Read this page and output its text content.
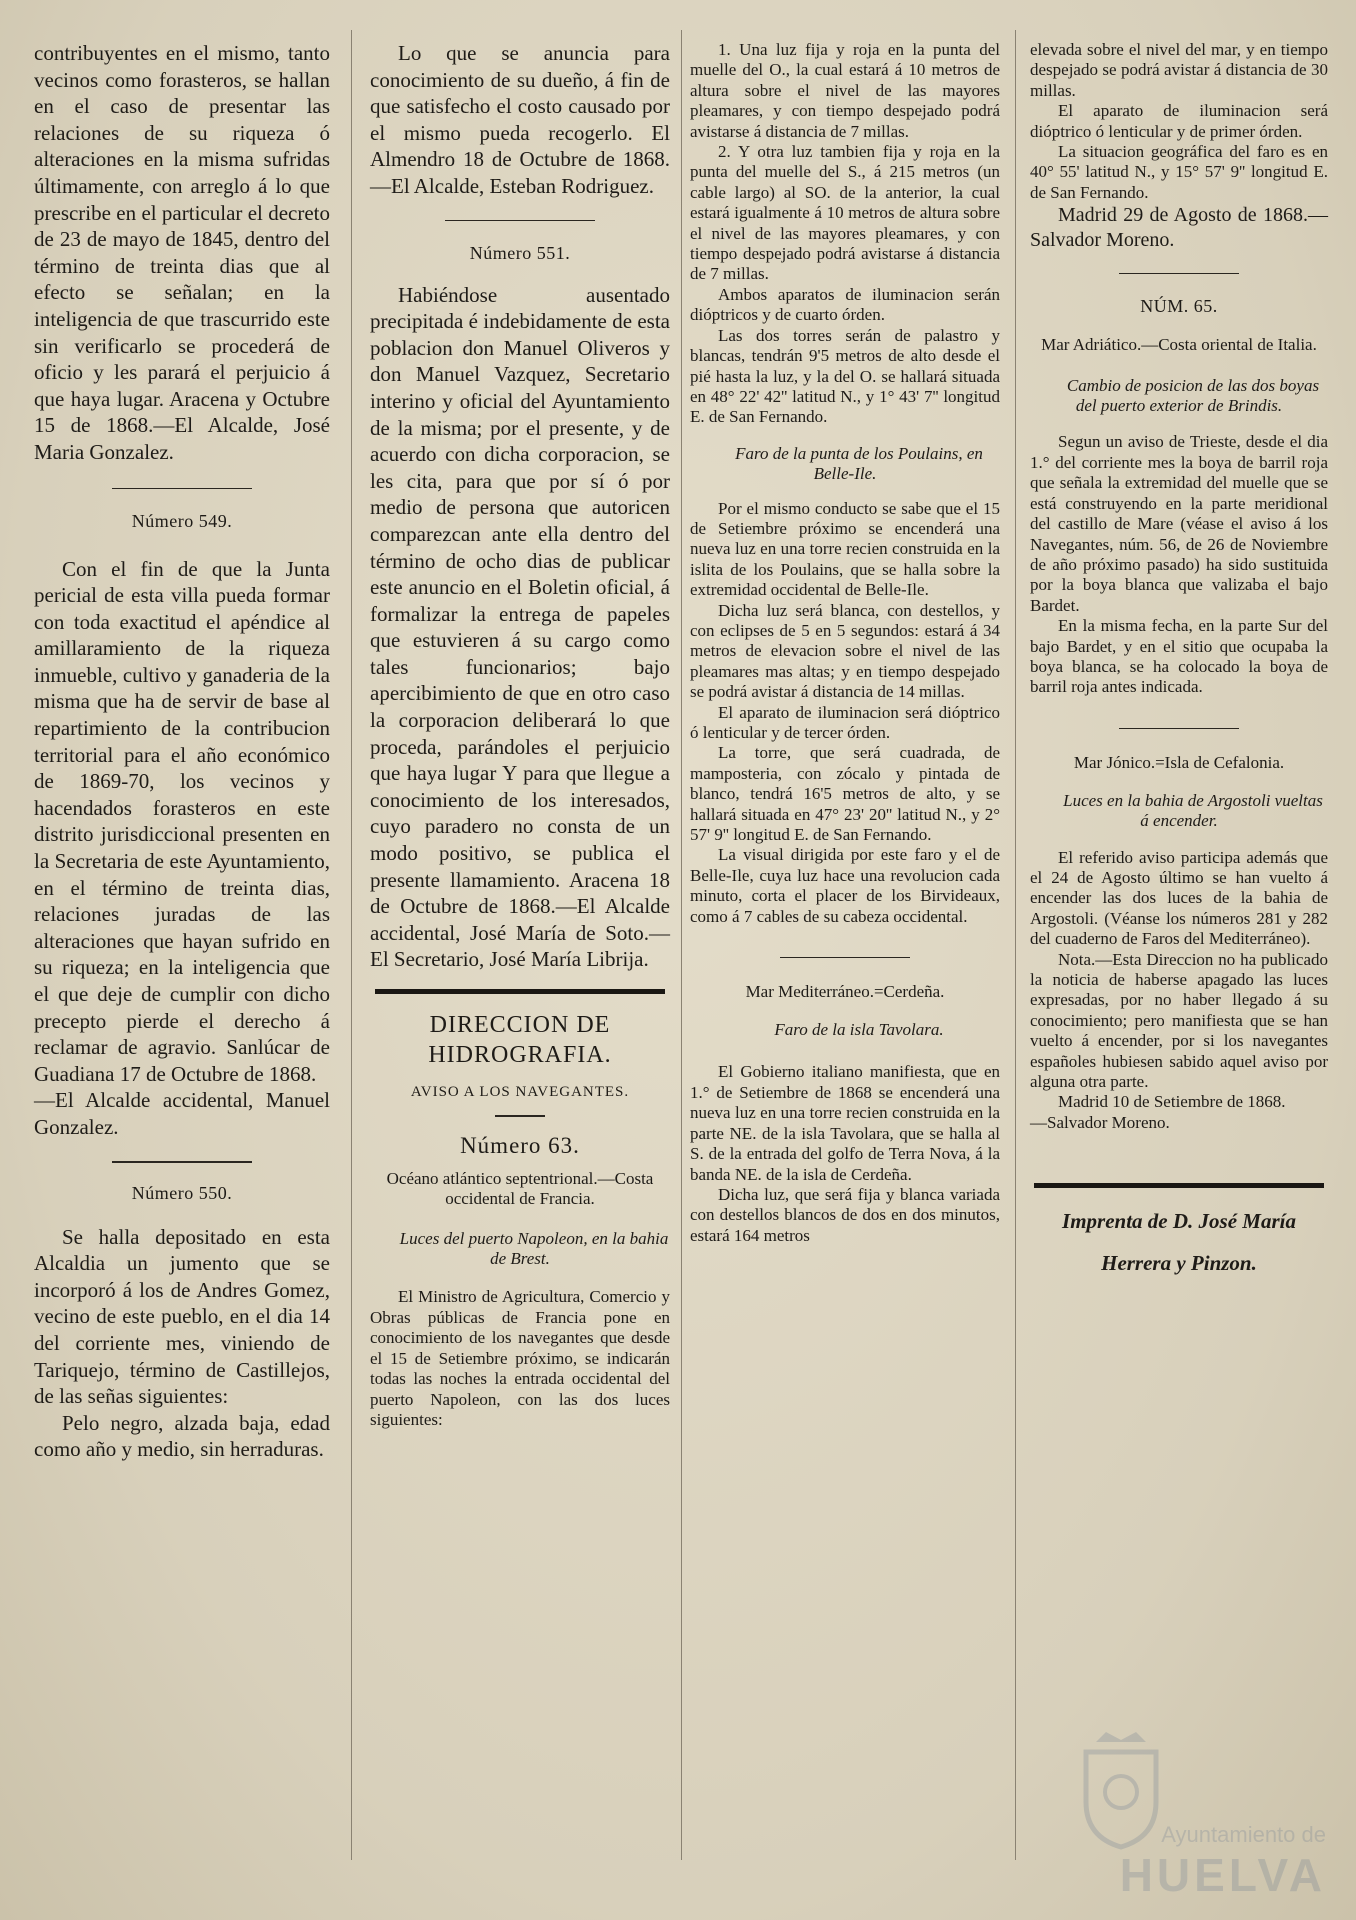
contribuyentes en el mismo, tanto vecinos como forasteros, se hallan en el caso de presentar las relaciones de su riqueza ó alteraciones en la misma sufridas últimamente, con arreglo á lo que prescribe en el particular el decreto de 23 de mayo de 1845, dentro del término de treinta dias que al efecto se señalan; en la inteligencia de que trascurrido este sin verificarlo se procederá de oficio y les parará el perjuicio á que haya lugar. Aracena y Octubre 15 de 1868.—El Alcalde, José Maria Gonzalez.

Número 549.

Con el fin de que la Junta pericial de esta villa pueda formar con toda exactitud el apéndice al amillaramiento de la riqueza inmueble, cultivo y ganaderia de la misma que ha de servir de base al repartimiento de la contribucion territorial para el año económico de 1869-70, los vecinos y hacendados forasteros en este distrito jurisdiccional presenten en la Secretaria de este Ayuntamiento, en el término de treinta dias, relaciones juradas de las alteraciones que hayan sufrido en su riqueza; en la inteligencia que el que deje de cumplir con dicho precepto pierde el derecho á reclamar de agravio. Sanlúcar de Guadiana 17 de Octubre de 1868.

—El Alcalde accidental, Manuel Gonzalez.

Número 550.

Se halla depositado en esta Alcaldia un jumento que se incorporó á los de Andres Gomez, vecino de este pueblo, en el dia 14 del corriente mes, viniendo de Tariquejo, término de Castillejos, de las señas siguientes:

Pelo negro, alzada baja, edad como año y medio, sin herraduras.

Lo que se anuncia para conocimiento de su dueño, á fin de que satisfecho el costo causado por el mismo pueda recogerlo. El Almendro 18 de Octubre de 1868.—El Alcalde, Esteban Rodriguez.

Número 551.

Habiéndose ausentado precipitada é indebidamente de esta poblacion don Manuel Oliveros y don Manuel Vazquez, Secretario interino y oficial del Ayuntamiento de la misma; por el presente, y de acuerdo con dicha corporacion, se les cita, para que por sí ó por medio de persona que autoricen comparezcan ante ella dentro del término de ocho dias de publicar este anuncio en el Boletin oficial, á formalizar la entrega de papeles que estuvieren á su cargo como tales funcionarios; bajo apercibimiento de que en otro caso la corporacion deliberará lo que proceda, parándoles el perjuicio que haya lugar Y para que llegue a conocimiento de los interesados, cuyo paradero no consta de un modo positivo, se publica el presente llamamiento. Aracena 18 de Octubre de 1868.—El Alcalde accidental, José María de Soto.—El Secretario, José María Librija.

DIRECCION DE HIDROGRAFIA.
AVISO A LOS NAVEGANTES.
Número 63.

Océano atlántico septentrional.—Costa occidental de Francia.

Luces del puerto Napoleon, en la bahia de Brest.

El Ministro de Agricultura, Comercio y Obras públicas de Francia pone en conocimiento de los navegantes que desde el 15 de Setiembre próximo, se indicarán todas las noches la entrada occidental del puerto Napoleon, con las dos luces siguientes:

1. Una luz fija y roja en la punta del muelle del O., la cual estará á 10 metros de altura sobre el nivel de las mayores pleamares, y con tiempo despejado podrá avistarse á distancia de 7 millas.

2. Y otra luz tambien fija y roja en la punta del muelle del S., á 215 metros (un cable largo) al SO. de la anterior, la cual estará igualmente á 10 metros de altura sobre el nivel de las mayores pleamares, y con tiempo despejado podrá avistarse á distancia de 7 millas.

Ambos aparatos de iluminacion serán dióptricos y de cuarto órden.

Las dos torres serán de palastro y blancas, tendrán 9'5 metros de alto desde el pié hasta la luz, y la del O. se hallará situada en 48° 22' 42'' latitud N., y 1° 43' 7'' longitud E. de San Fernando.

Faro de la punta de los Poulains, en Belle-Ile.

Por el mismo conducto se sabe que el 15 de Setiembre próximo se encenderá una nueva luz en una torre recien construida en la islita de los Poulains, que se halla sobre la extremidad occidental de Belle-Ile.

Dicha luz será blanca, con destellos, y con eclipses de 5 en 5 segundos: estará á 34 metros de elevacion sobre el nivel de las pleamares mas altas; y en tiempo despejado se podrá avistar á distancia de 14 millas.

El aparato de iluminacion será dióptrico ó lenticular y de tercer órden.

La torre, que será cuadrada, de mamposteria, con zócalo y pintada de blanco, tendrá 16'5 metros de alto, y se hallará situada en 47° 23' 20'' latitud N., y 2° 57' 9'' longitud E. de San Fernando.

La visual dirigida por este faro y el de Belle-Ile, cuya luz hace una revolucion cada minuto, corta el placer de los Birvideaux, como á 7 cables de su cabeza occidental.

Mar Mediterráneo.=Cerdeña.

Faro de la isla Tavolara.

El Gobierno italiano manifiesta, que en 1.° de Setiembre de 1868 se encenderá una nueva luz en una torre recien construida en la parte NE. de la isla Tavolara, que se halla al S. de la entrada del golfo de Terra Nova, á la banda NE. de la isla de Cerdeña.

Dicha luz, que será fija y blanca variada con destellos blancos de dos en dos minutos, estará 164 metros

elevada sobre el nivel del mar, y en tiempo despejado se podrá avistar á distancia de 30 millas.

El aparato de iluminacion será dióptrico ó lenticular y de primer órden.

La situacion geográfica del faro es en 40° 55' latitud N., y 15° 57' 9'' longitud E. de San Fernando.

Madrid 29 de Agosto de 1868.—Salvador Moreno.

NÚM. 65.

Mar Adriático.—Costa oriental de Italia.

Cambio de posicion de las dos boyas del puerto exterior de Brindis.

Segun un aviso de Trieste, desde el dia 1.° del corriente mes la boya de barril roja que señala la extremidad del muelle que se está construyendo en la parte meridional del castillo de Mare (véase el aviso á los Navegantes, núm. 56, de 26 de Noviembre de año próximo pasado) ha sido sustituida por la boya blanca que valizaba el bajo Bardet.

En la misma fecha, en la parte Sur del bajo Bardet, y en el sitio que ocupaba la boya blanca, se ha colocado la boya de barril roja antes indicada.

Mar Jónico.=Isla de Cefalonia.

Luces en la bahia de Argostoli vueltas á encender.

El referido aviso participa además que el 24 de Agosto último se han vuelto á encender las dos luces de la bahia de Argostoli. (Véanse los números 281 y 282 del cuaderno de Faros del Mediterráneo).

Nota.—Esta Direccion no ha publicado la noticia de haberse apagado las luces expresadas, por no haber llegado á su conocimiento; pero manifiesta que se han vuelto á encender, por si los navegantes españoles hubiesen sabido aquel aviso por alguna otra parte.

Madrid 10 de Setiembre de 1868.

—Salvador Moreno.

Imprenta de D. José María
Herrera y Pinzon.
Ayuntamiento de
HUELVA
